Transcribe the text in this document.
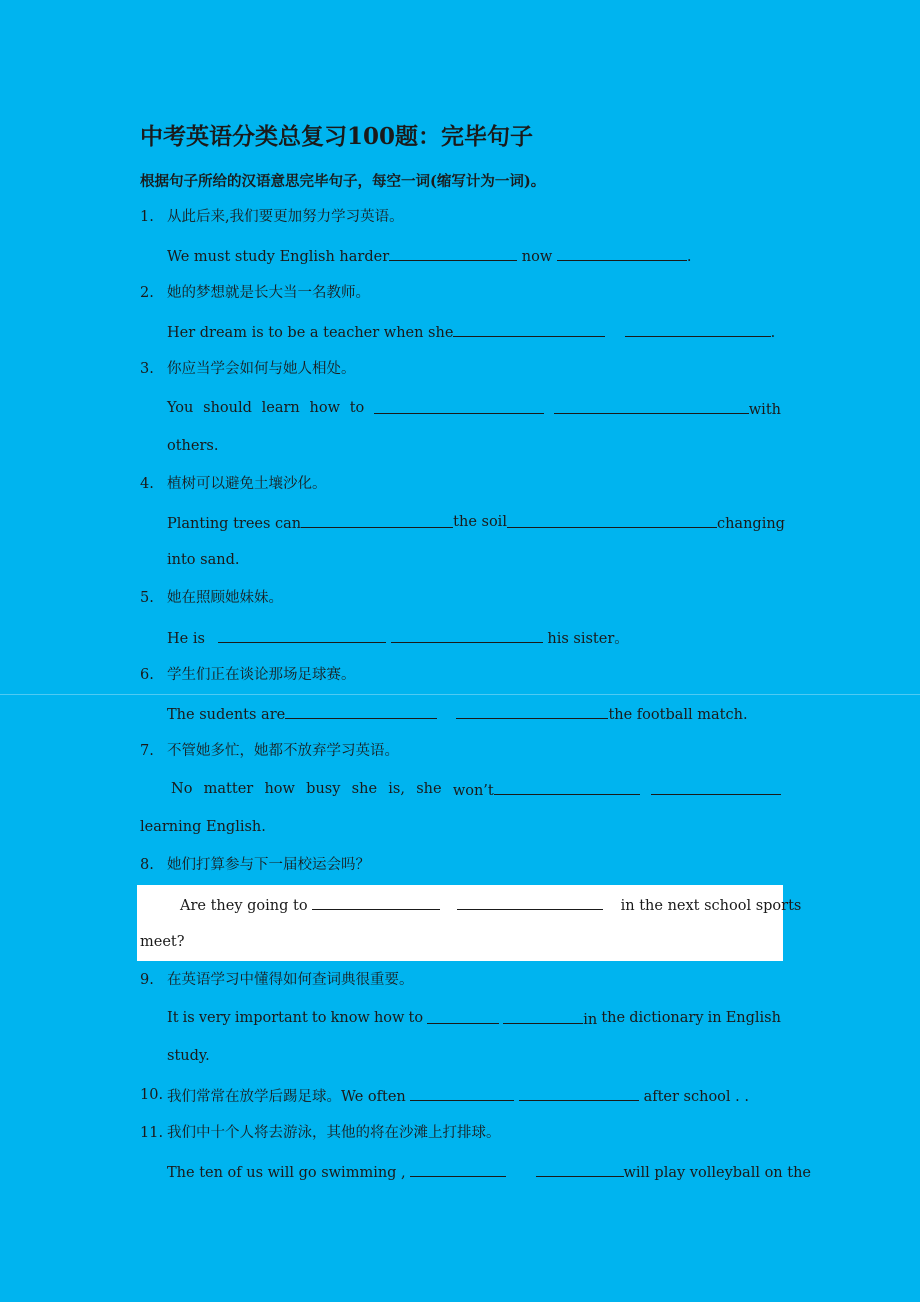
中考英语分类总复习100题：完毕句子
根据句子所给的汉语意思完毕句子，每空一词(缩写计为一词)。
1. 从此后来,我们要更加努力学习英语。
We must study English harder	now	.
2. 她的梦想就是长大当一名教师。
Her dream is to be a teacher when she	.
3. 你应当学会如何与她人相处。
You should learn how to	with
others.
4. 植树可以避免土壤沙化。
Planting trees can	the soil	changing
into sand.
5. 她在照顾她妹妹。
He is	his sister。
6. 学生们正在谈论那场足球赛。
The sudents are	the football match.
7. 不管她多忙，她都不放弃学习英语。
No matter how busy she is, she won’t
learning English.
8. 她们打算参与下一届校运会吗？
Are they going to	in the next school sports
meet?
9. 在英语学习中懂得如何查词典很重要。
It is very important to know how to	in the dictionary in English
study.
10. 我们常常在放学后踢足球。We often	after school . .
11. 我们中十个人将去游泳，其他的将在沙滩上打排球。
The ten of us will go swimming ,	will play volleyball on the
